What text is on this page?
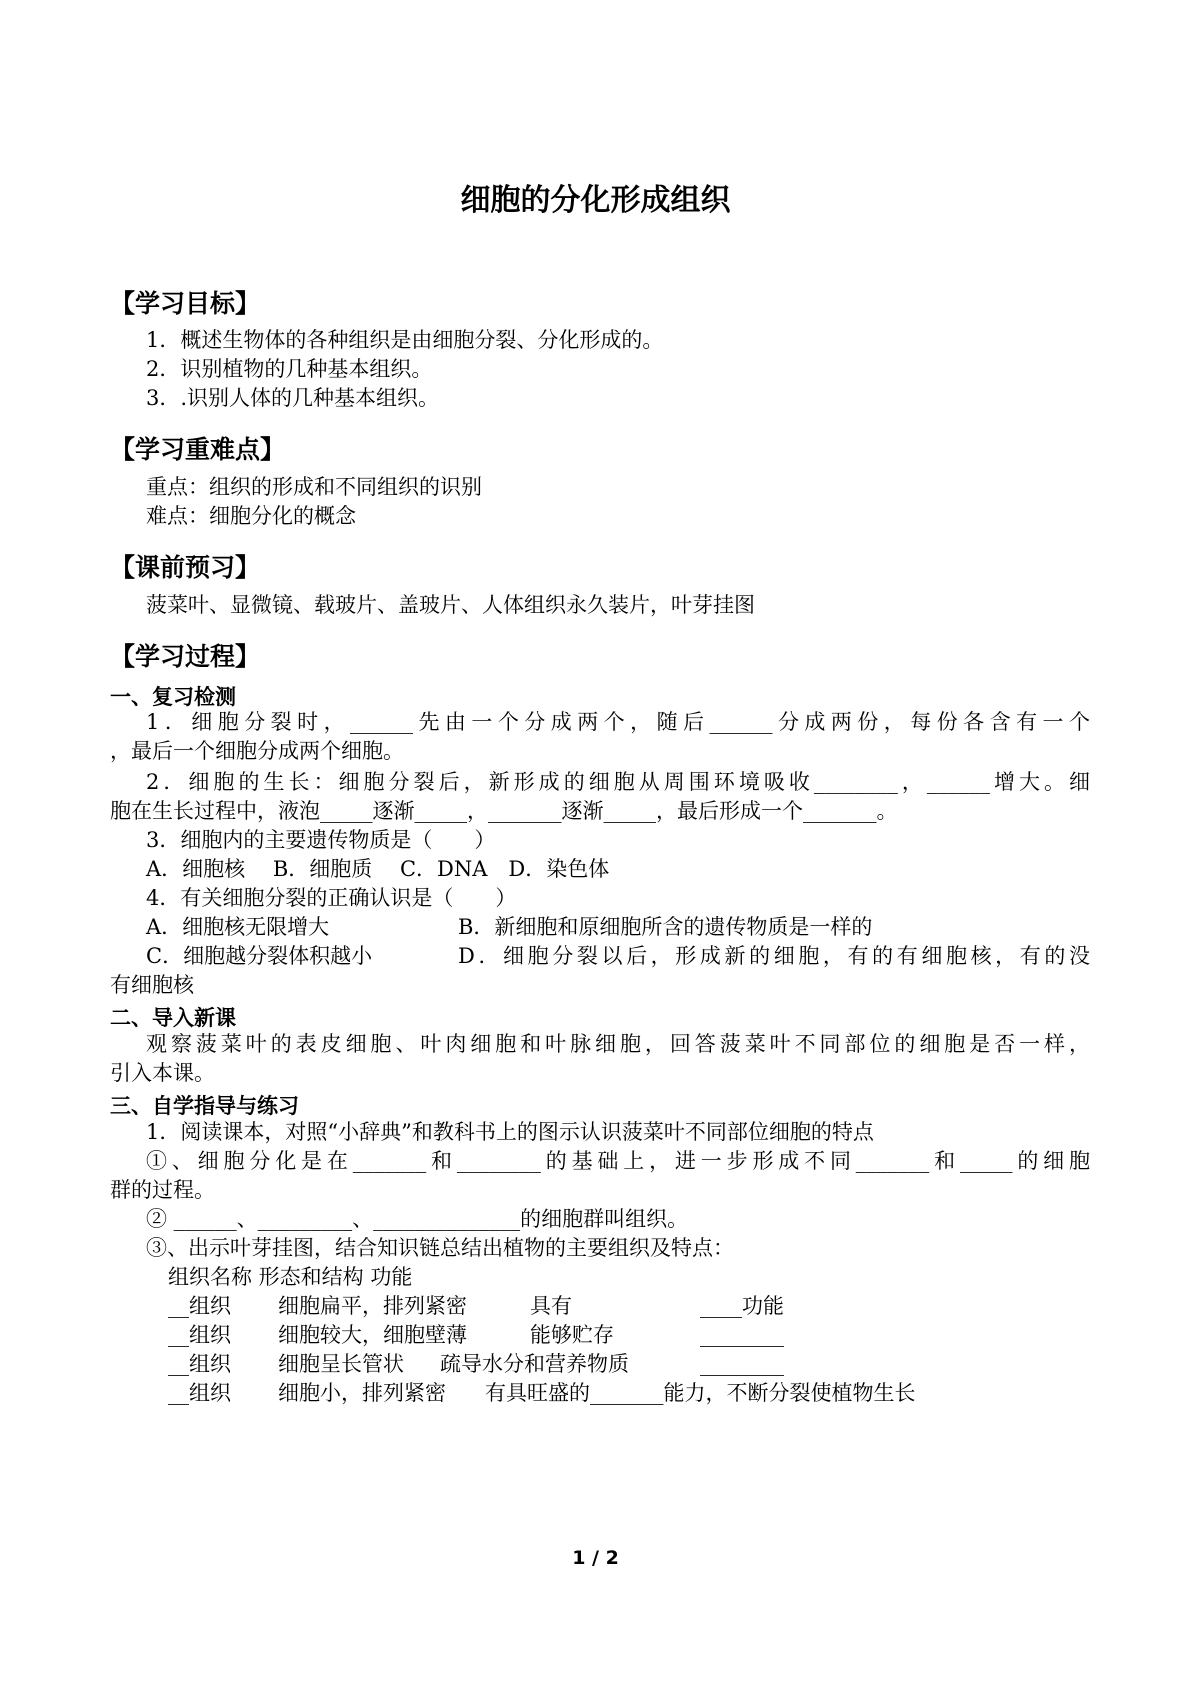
细胞的分化形成组织
【学习目标】
1．概述生物体的各种组织是由细胞分裂、分化形成的。
2．识别植物的几种基本组织。
3．.识别人体的几种基本组织。
【学习重难点】
重点：组织的形成和不同组织的识别
难点：细胞分化的概念
【课前预习】
菠菜叶、显微镜、载玻片、盖玻片、人体组织永久装片，叶芽挂图
【学习过程】
一、复习检测
1．细胞分裂时，______先由一个分成两个，随后______分成两份，每份各含有一个
，最后一个细胞分成两个细胞。
2．细胞的生长：细胞分裂后，新形成的细胞从周围环境吸收________，______增大。细
胞在生长过程中，液泡_____逐渐_____，_______逐渐_____，最后形成一个_______。
3．细胞内的主要遗传物质是（　　）
A．细胞核　 B．细胞质　 C．DNA　D．染色体
4．有关细胞分裂的正确认识是（　　）
A．细胞核无限增大	B．新细胞和原细胞所含的遗传物质是一样的
C．细胞越分裂体积越小	D．细胞分裂以后，形成新的细胞，有的有细胞核，有的没
有细胞核
二、导入新课
观察菠菜叶的表皮细胞、叶肉细胞和叶脉细胞，回答菠菜叶不同部位的细胞是否一样，
引入本课。
三、自学指导与练习
1．阅读课本，对照“小辞典”和教科书上的图示认识菠菜叶不同部位细胞的特点
①、细胞分化是在_______和________的基础上，进一步形成不同_______和_____的细胞
群的过程。
② ______、_________、______________的细胞群叫组织。
③、出示叶芽挂图，结合知识链总结出植物的主要组织及特点：
组织名称 形态和结构 功能
__组织 细胞扁平，排列紧密	具有	____功能
__组织 细胞较大，细胞壁薄	能够贮存	________
__组织 细胞呈长管状 疏导水分和营养物质	________
__组织 细胞小，排列紧密 有具旺盛的_______能力，不断分裂使植物生长
1 / 2
